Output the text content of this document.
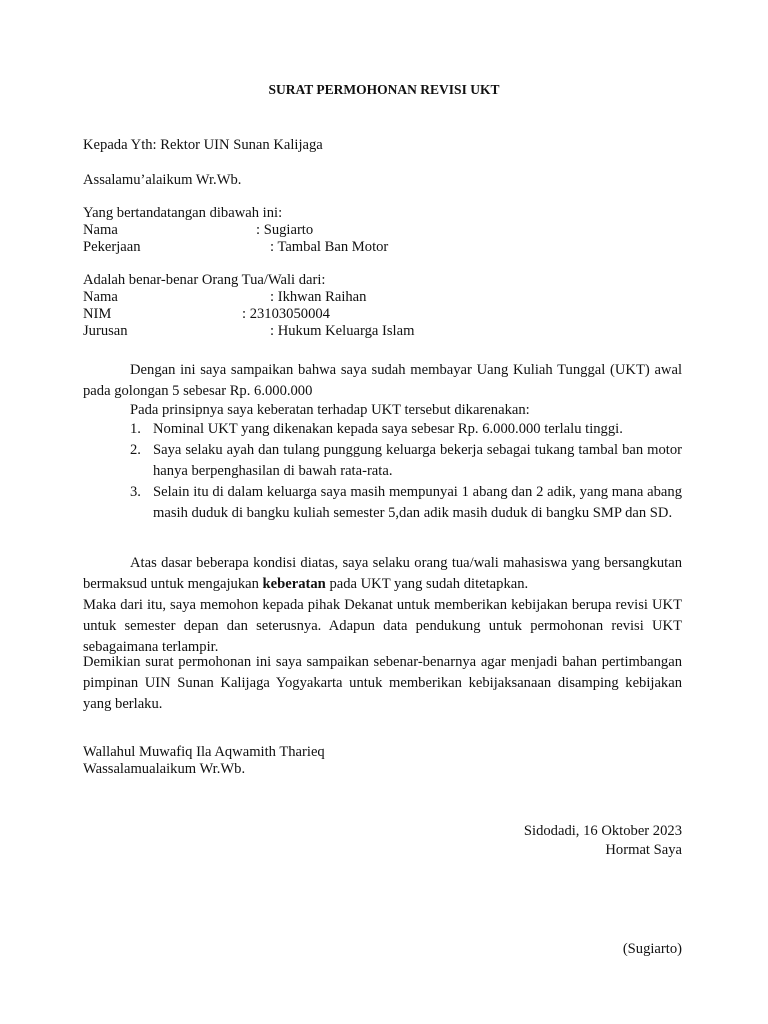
SURAT PERMOHONAN REVISI UKT
Kepada Yth: Rektor UIN Sunan Kalijaga
Assalamu’alaikum Wr.Wb.
Yang bertandatangan dibawah ini:
Nama	: Sugiarto
Pekerjaan	: Tambal Ban Motor
Adalah benar-benar Orang Tua/Wali dari:
Nama	: Ikhwan Raihan
NIM	: 23103050004
Jurusan	: Hukum Keluarga Islam
Dengan ini saya sampaikan bahwa saya sudah membayar Uang Kuliah Tunggal (UKT) awal pada golongan 5 sebesar Rp. 6.000.000
Pada prinsipnya saya keberatan terhadap UKT tersebut dikarenakan:
1. Nominal UKT yang dikenakan kepada saya sebesar Rp. 6.000.000 terlalu tinggi.
2. Saya selaku ayah dan tulang punggung keluarga bekerja sebagai tukang tambal ban motor hanya berpenghasilan di bawah rata-rata.
3. Selain itu di dalam keluarga saya masih mempunyai 1 abang dan 2 adik, yang mana abang masih duduk di bangku kuliah semester 5,dan adik masih duduk di bangku SMP dan SD.
Atas dasar beberapa kondisi diatas, saya selaku orang tua/wali mahasiswa yang bersangkutan bermaksud untuk mengajukan keberatan pada UKT yang sudah ditetapkan.
Maka dari itu, saya memohon kepada pihak Dekanat untuk memberikan kebijakan berupa revisi UKT untuk semester depan dan seterusnya. Adapun data pendukung untuk permohonan revisi UKT sebagaimana terlampir.
Demikian surat permohonan ini saya sampaikan sebenar-benarnya agar menjadi bahan pertimbangan pimpinan UIN Sunan Kalijaga Yogyakarta untuk memberikan kebijaksanaan disamping kebijakan yang berlaku.
Wallahul Muwafiq Ila Aqwamith Tharieq
Wassalamualaikum Wr.Wb.
Sidodadi, 16 Oktober 2023
Hormat Saya
(Sugiarto)
